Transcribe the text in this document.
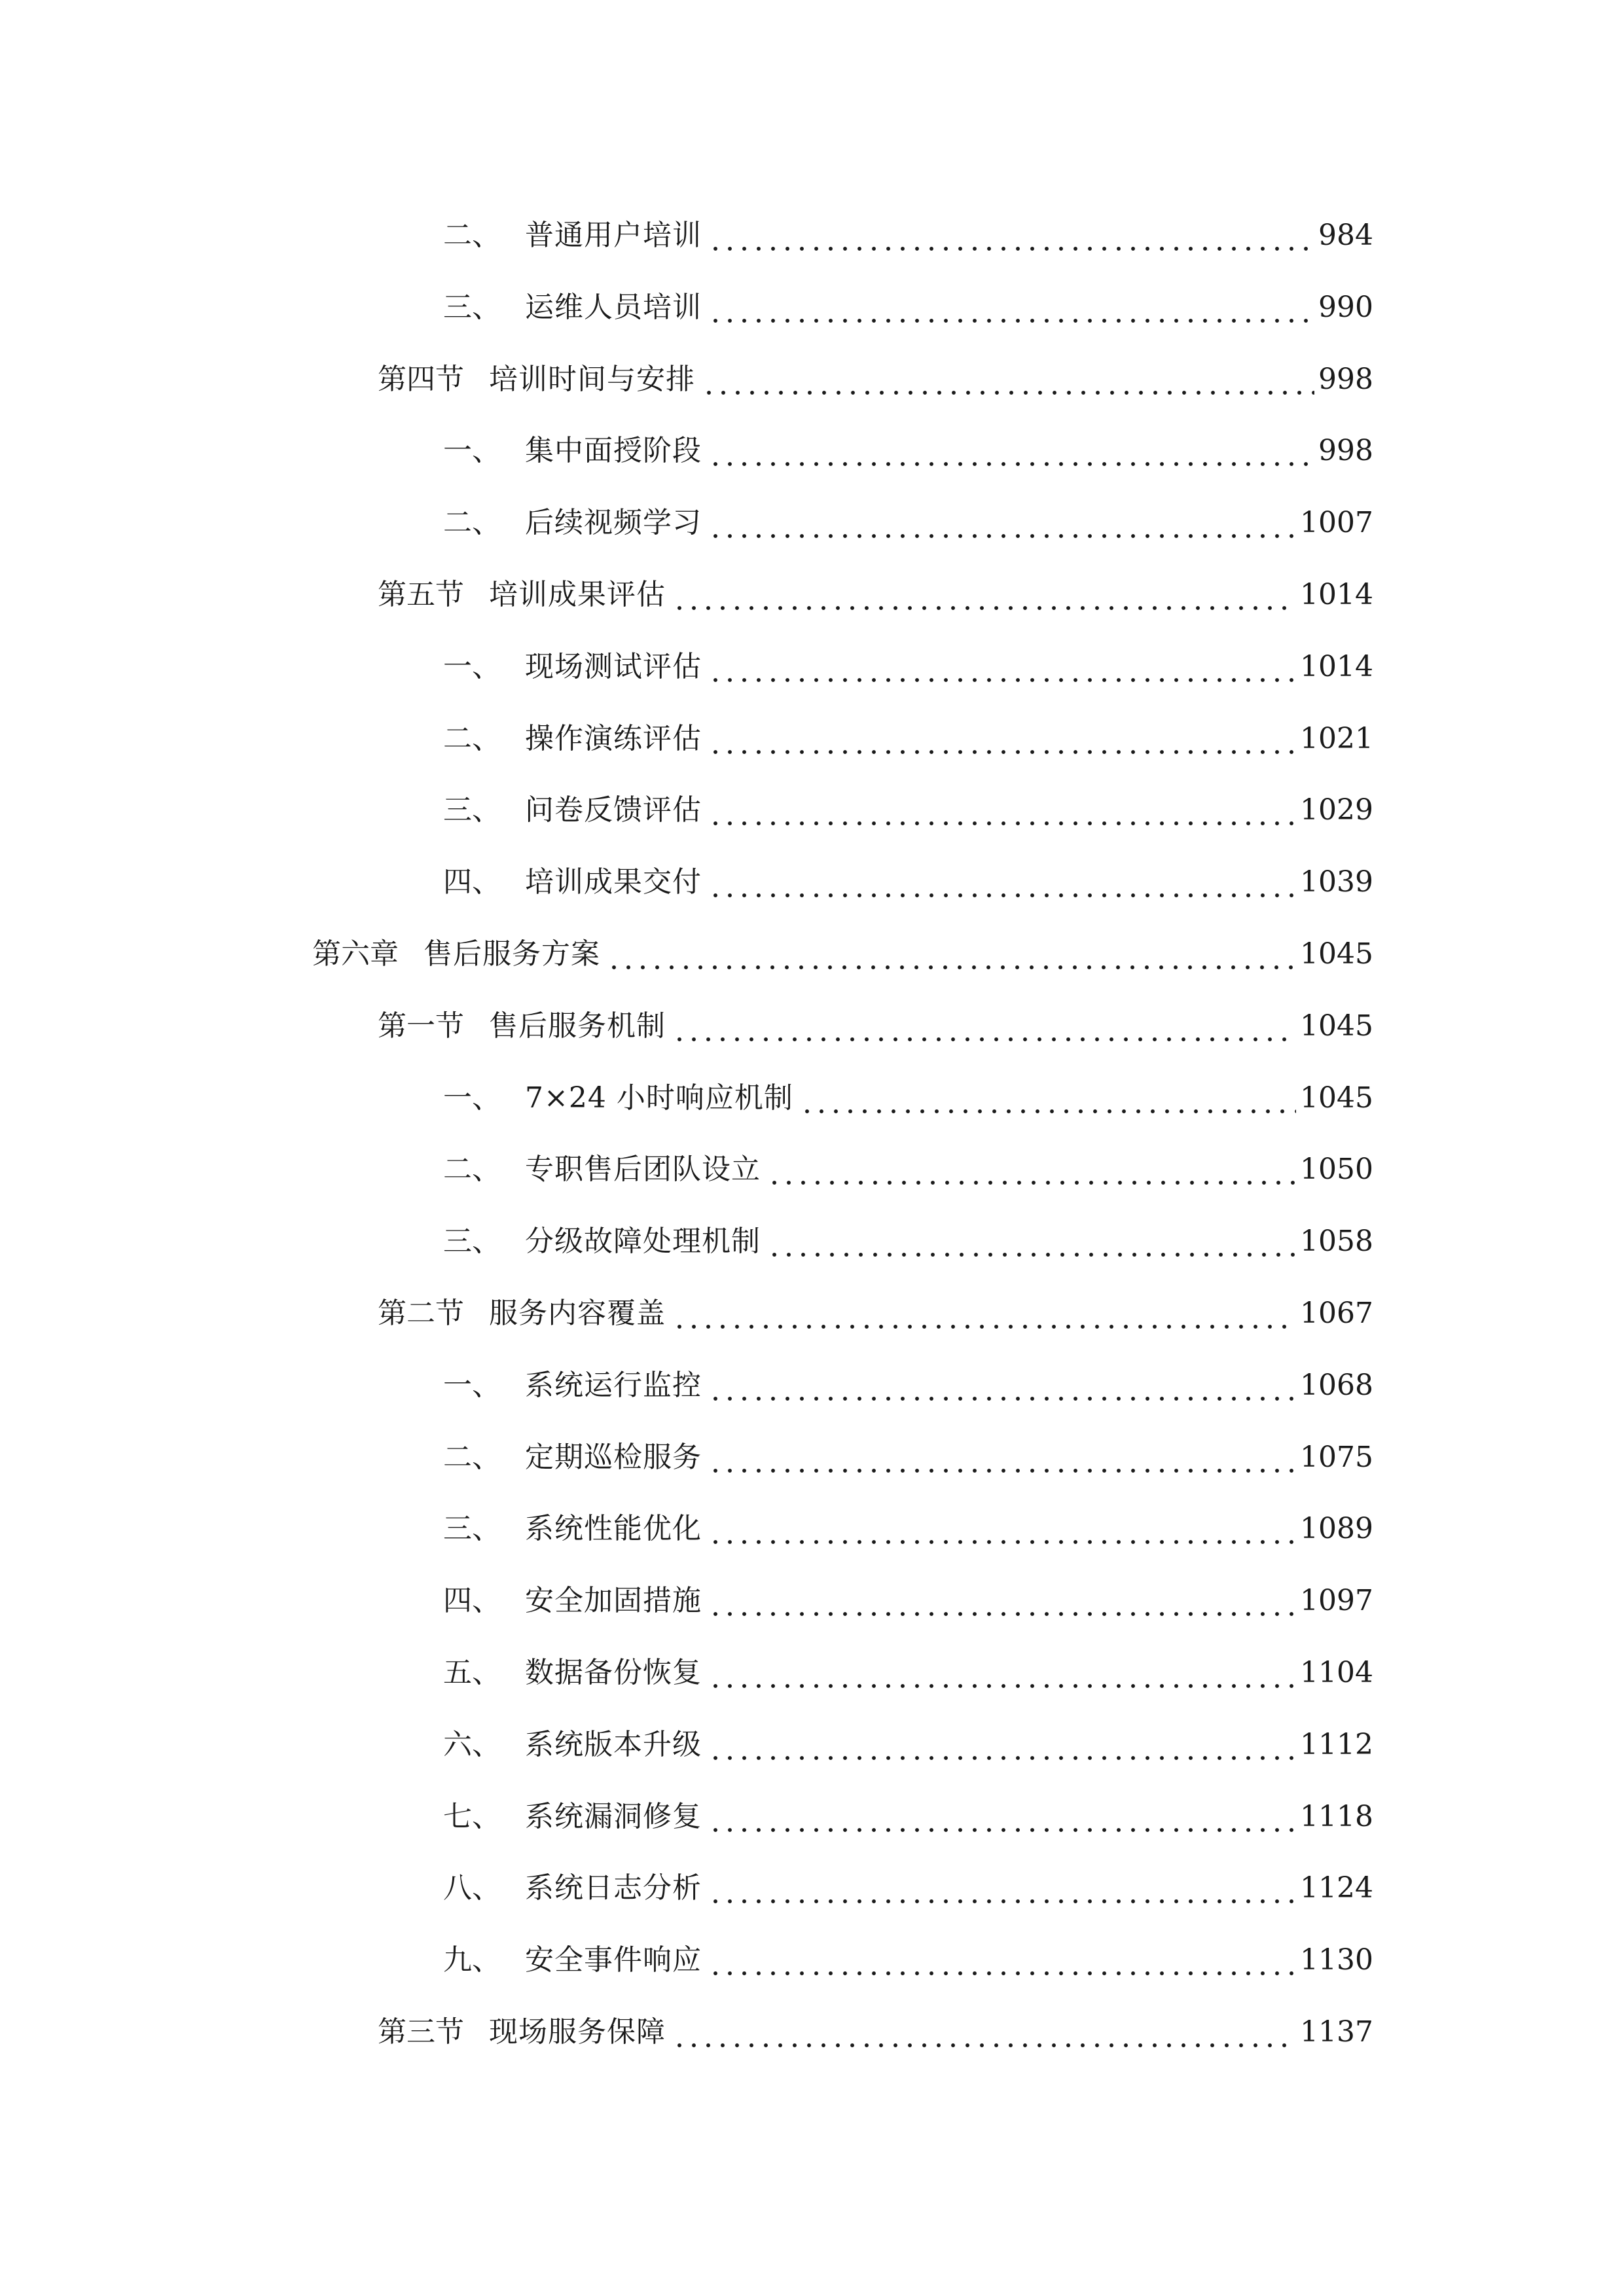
二、 普通用户培训	984
三、 运维人员培训	990
第四节 培训时间与安排	998
一、 集中面授阶段	998
二、 后续视频学习	1007
第五节 培训成果评估	1014
一、 现场测试评估	1014
二、 操作演练评估	1021
三、 问卷反馈评估	1029
四、 培训成果交付	1039
第六章 售后服务方案	1045
第一节 售后服务机制	1045
一、 7×24 小时响应机制	1045
二、 专职售后团队设立	1050
三、 分级故障处理机制	1058
第二节 服务内容覆盖	1067
一、 系统运行监控	1068
二、 定期巡检服务	1075
三、 系统性能优化	1089
四、 安全加固措施	1097
五、 数据备份恢复	1104
六、 系统版本升级	1112
七、 系统漏洞修复	1118
八、 系统日志分析	1124
九、 安全事件响应	1130
第三节 现场服务保障	1137
